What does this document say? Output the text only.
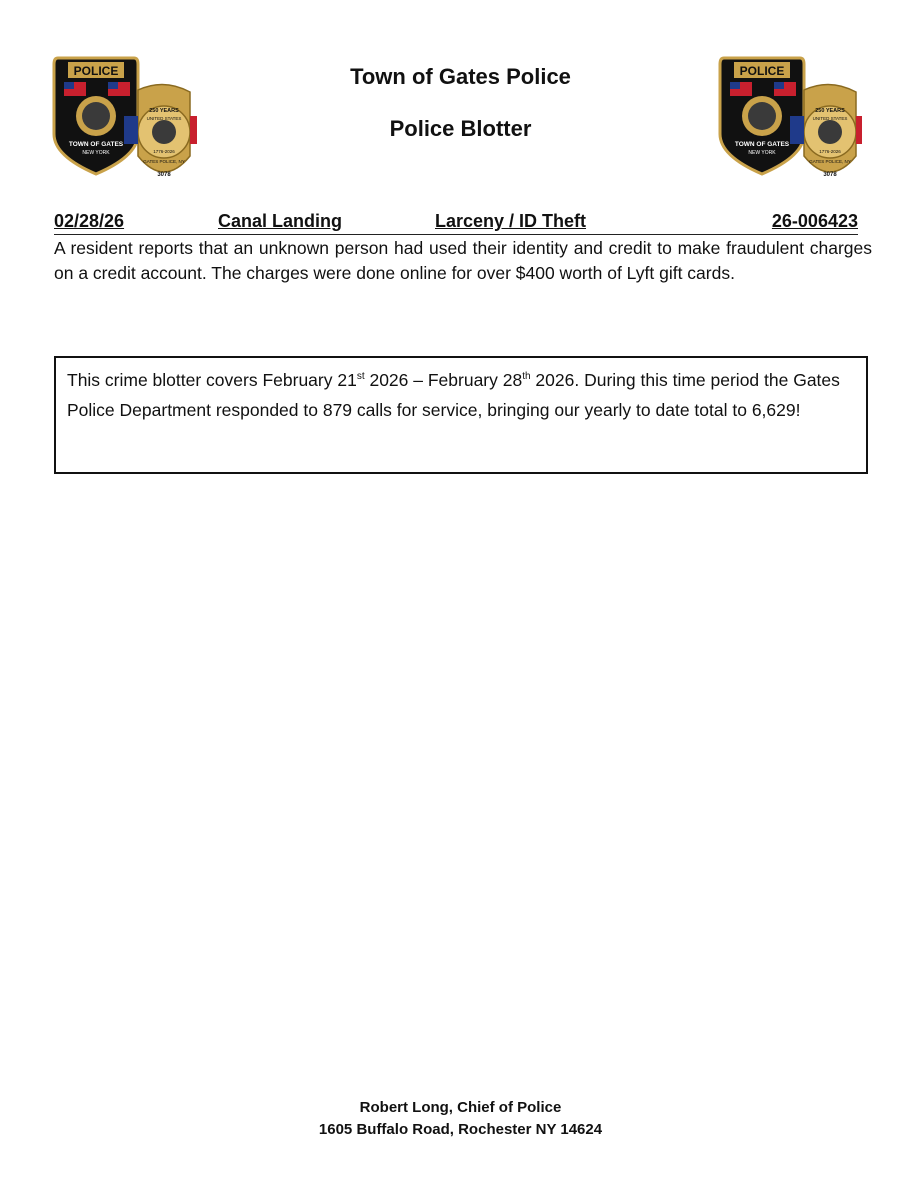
POLICE
TOWN OF GATES
NEW YORK
250 YEARS
UNITED STATES
1776-2026
GATES POLICE, NY
3078
POLICE
TOWN OF GATES
NEW YORK
250 YEARS
UNITED STATES
1776-2026
GATES POLICE, NY
3078
Town of Gates Police
Police Blotter
02/28/26	Canal Landing	Larceny / ID Theft	26-006423
A resident reports that an unknown person had used their identity and credit to make fraudulent charges on a credit account. The charges were done online for over $400 worth of Lyft gift cards.
This crime blotter covers February 21st 2026 – February 28th 2026. During this time period the Gates Police Department responded to 879 calls for service, bringing our yearly to date total to 6,629!
Robert Long, Chief of Police
1605 Buffalo Road, Rochester NY 14624
